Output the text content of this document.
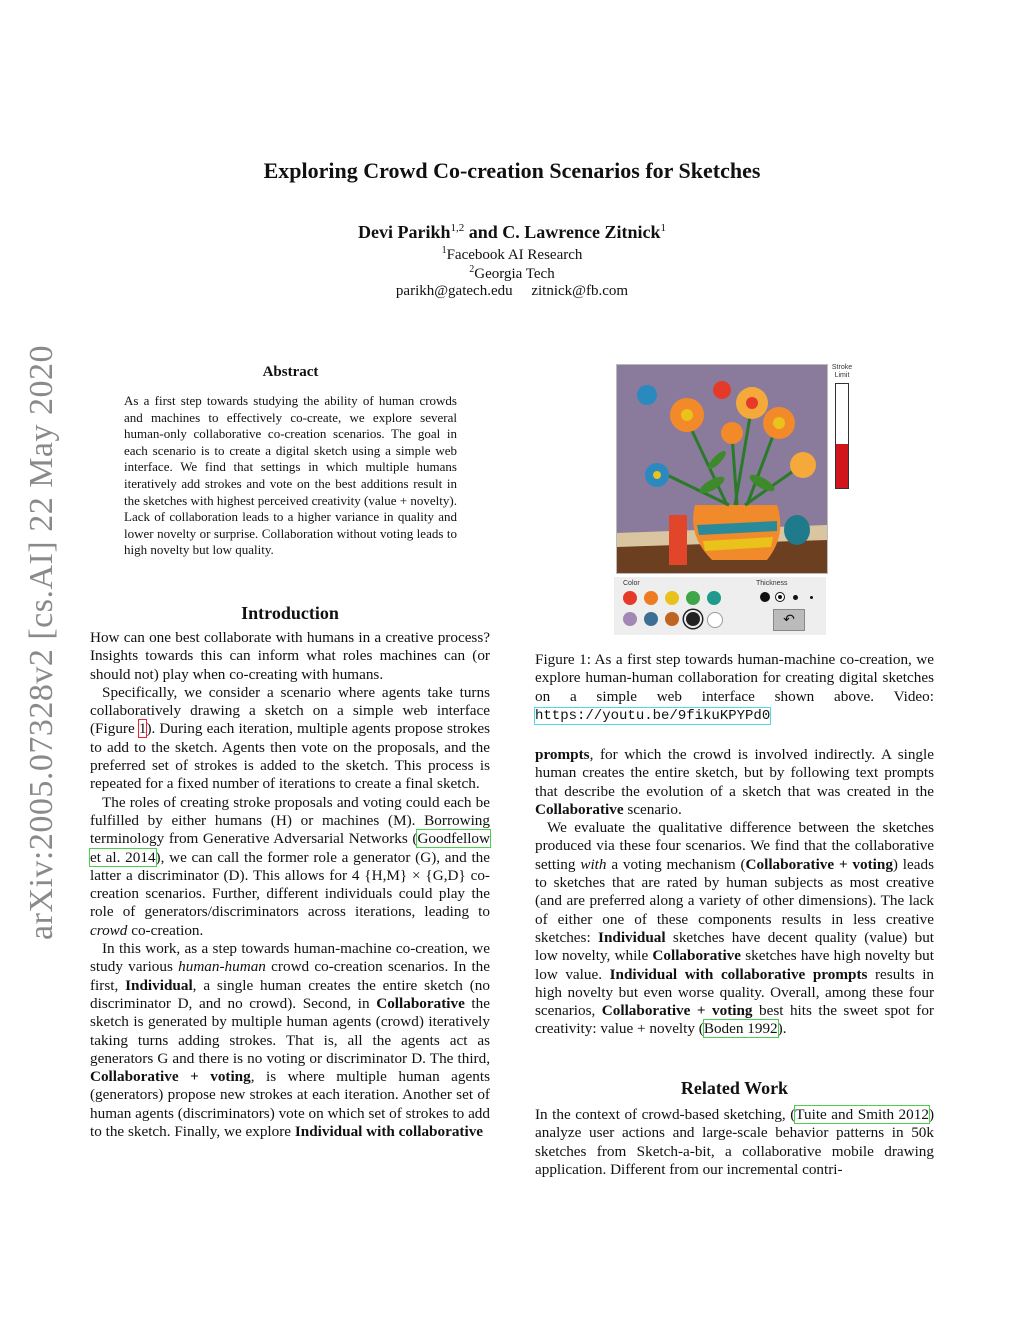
arXiv:2005.07328v2 [cs.AI] 22 May 2020
Exploring Crowd Co-creation Scenarios for Sketches
Devi Parikh$^{1,2}$ and C. Lawrence Zitnick$^1$
$^1$Facebook AI Research
$^2$Georgia Tech
parikh@gatech.edu     zitnick@fb.com
Abstract
As a first step towards studying the ability of human crowds and machines to effectively co-create, we explore several human-only collaborative co-creation scenarios. The goal in each scenario is to create a digital sketch using a simple web interface. We find that settings in which multiple humans iteratively add strokes and vote on the best additions result in the sketches with highest perceived creativity (value + novelty). Lack of collaboration leads to a higher variance in quality and lower novelty or surprise. Collaboration without voting leads to high novelty but low quality.
Introduction

How can one best collaborate with humans in a creative process? Insights towards this can inform what roles machines can (or should not) play when co-creating with humans.

Specifically, we consider a scenario where agents take turns collaboratively drawing a sketch on a simple web interface (Figure 1). During each iteration, multiple agents propose strokes to add to the sketch. Agents then vote on the proposals, and the preferred set of strokes is added to the sketch. This process is repeated for a fixed number of iterations to create a final sketch.

The roles of creating stroke proposals and voting could each be fulfilled by either humans (H) or machines (M). Borrowing terminology from Generative Adversarial Networks (Goodfellow et al. 2014), we can call the former role a generator (G), and the latter a discriminator (D). This allows for 4 {H,M} × {G,D} co-creation scenarios. Further, different individuals could play the role of generators/discriminators across iterations, leading to crowd co-creation.

In this work, as a step towards human-machine co-creation, we study various human-human crowd co-creation scenarios. In the first, Individual, a single human creates the entire sketch (no discriminator D, and no crowd). Second, in Collaborative the sketch is generated by multiple human agents (crowd) iteratively taking turns adding strokes. That is, all the agents act as generators G and there is no voting or discriminator D. The third, Collaborative + voting, is where multiple human agents (generators) propose new strokes at each iteration. Another set of human agents (discriminators) vote on which set of strokes to add to the sketch. Finally, we explore Individual with collaborative

Stroke Limit
Color	Thickness
↶
Figure 1: As a first step towards human-machine co-creation, we explore human-human collaboration for creating digital sketches on a simple web interface shown above. Video: https://youtu.be/9fikuKPYPd0

prompts, for which the crowd is involved indirectly. A single human creates the entire sketch, but by following text prompts that describe the evolution of a sketch that was created in the Collaborative scenario.

We evaluate the qualitative difference between the sketches produced via these four scenarios. We find that the collaborative setting with a voting mechanism (Collaborative + voting) leads to sketches that are rated by human subjects as most creative (and are preferred along a variety of other dimensions). The lack of either one of these components results in less creative sketches: Individual sketches have decent quality (value) but low novelty, while Collaborative sketches have high novelty but low value. Individual with collaborative prompts results in high novelty but even worse quality. Overall, among these four scenarios, Collaborative + voting best hits the sweet spot for creativity: value + novelty (Boden 1992).

Related Work

In the context of crowd-based sketching, (Tuite and Smith 2012) analyze user actions and large-scale behavior patterns in 50k sketches from Sketch-a-bit, a collaborative mobile drawing application. Different from our incremental contri-
